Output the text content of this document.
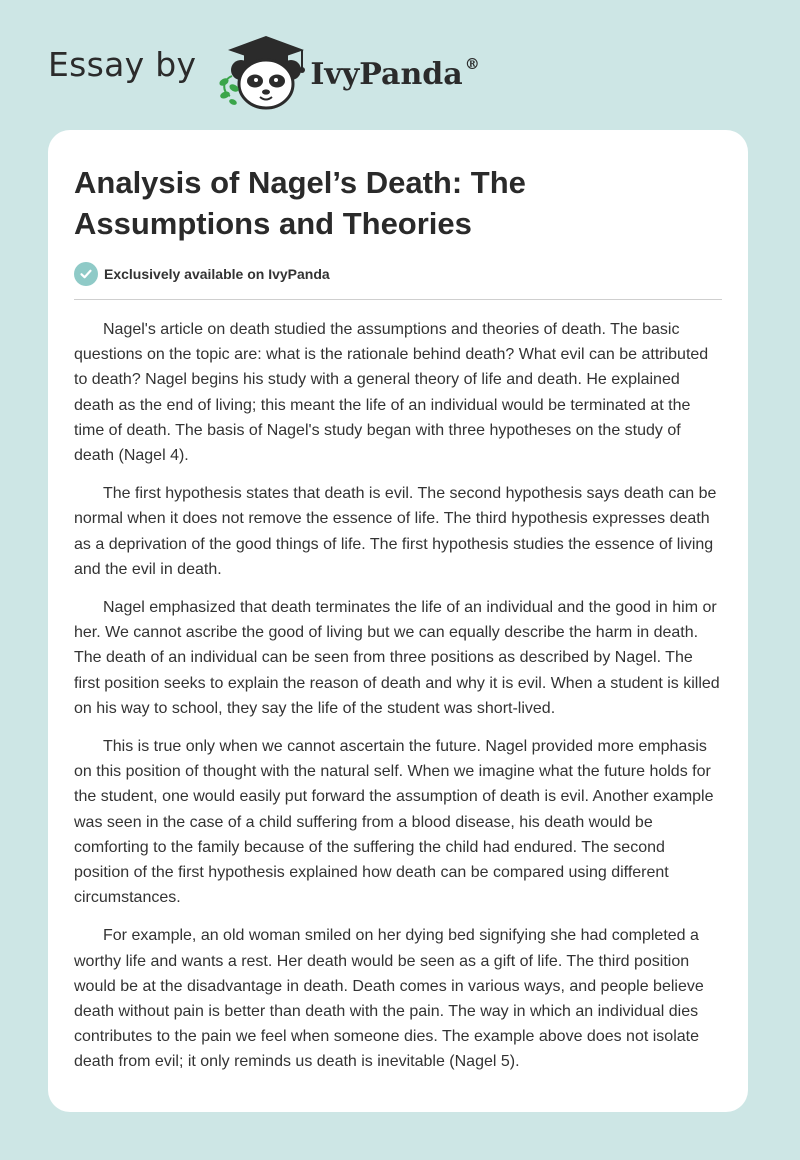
Essay by	IvyPanda ®
Analysis of Nagel’s Death: The Assumptions and Theories
Exclusively available on IvyPanda

Nagel's article on death studied the assumptions and theories of death. The basic questions on the topic are: what is the rationale behind death? What evil can be attributed to death? Nagel begins his study with a general theory of life and death. He explained death as the end of living; this meant the life of an individual would be terminated at the time of death. The basis of Nagel's study began with three hypotheses on the study of death (Nagel 4).

The first hypothesis states that death is evil. The second hypothesis says death can be normal when it does not remove the essence of life. The third hypothesis expresses death as a deprivation of the good things of life. The first hypothesis studies the essence of living and the evil in death.

Nagel emphasized that death terminates the life of an individual and the good in him or her. We cannot ascribe the good of living but we can equally describe the harm in death. The death of an individual can be seen from three positions as described by Nagel. The first position seeks to explain the reason of death and why it is evil. When a student is killed on his way to school, they say the life of the student was short-lived.

This is true only when we cannot ascertain the future. Nagel provided more emphasis on this position of thought with the natural self. When we imagine what the future holds for the student, one would easily put forward the assumption of death is evil. Another example was seen in the case of a child suffering from a blood disease, his death would be comforting to the family because of the suffering the child had endured. The second position of the first hypothesis explained how death can be compared using different circumstances.

For example, an old woman smiled on her dying bed signifying she had completed a worthy life and wants a rest. Her death would be seen as a gift of life. The third position would be at the disadvantage in death. Death comes in various ways, and people believe death without pain is better than death with the pain. The way in which an individual dies contributes to the pain we feel when someone dies. The example above does not isolate death from evil; it only reminds us death is inevitable (Nagel 5).
